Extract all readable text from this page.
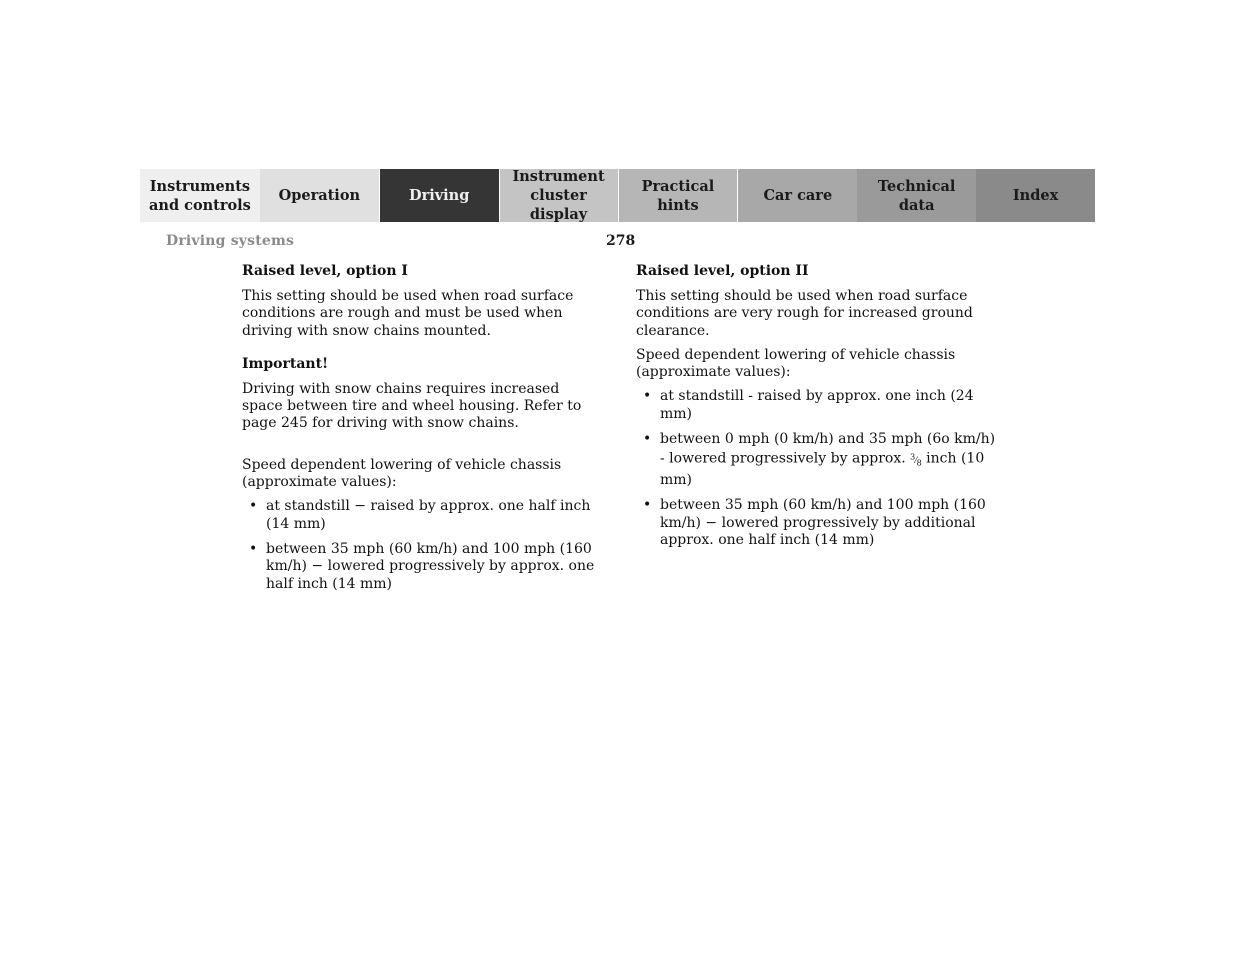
Instruments
and controls
Operation	Driving
Instrument
cluster display
Practical hints
Car care
Technical
data
Index
Driving systems	278
Raised level, option I

This setting should be used when road surface conditions are rough and must be used when driving with snow chains mounted.

Important!

Driving with snow chains requires increased space between tire and wheel housing. Refer to page 245 for driving with snow chains.

Speed dependent lowering of vehicle chassis (approximate values):

• at standstill − raised by approx. one half inch (14 mm)
• between 35 mph (60 km/h) and 100 mph (160 km/h) − lowered progressively by approx. one half inch (14 mm)
Raised level, option II

This setting should be used when road surface conditions are very rough for increased ground clearance.

Speed dependent lowering of vehicle chassis (approximate values):

• at standstill - raised by approx. one inch (24 mm)
• between 0 mph (0 km/h) and 35 mph (6o km/h) - lowered progressively by approx. $^3⁄_8$ inch (10 mm)
• between 35 mph (60 km/h) and 100 mph (160 km/h) − lowered progressively by additional approx. one half inch (14 mm)
